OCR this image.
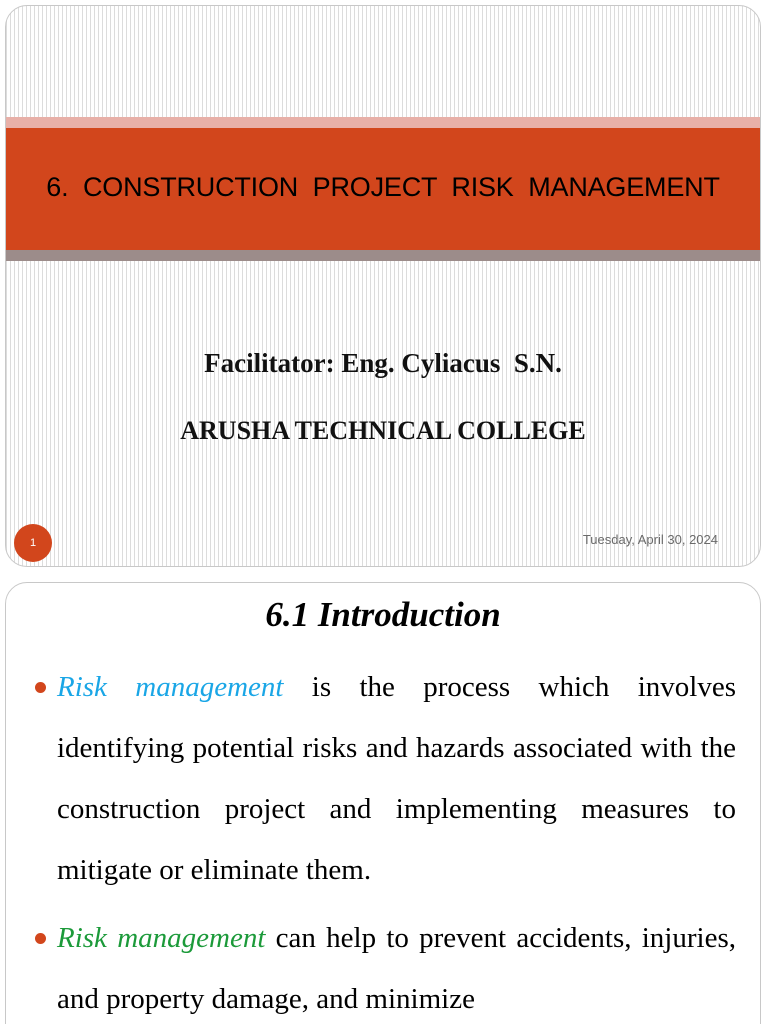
6.  CONSTRUCTION  PROJECT  RISK  MANAGEMENT
Facilitator: Eng. Cyliacus  S.N.
ARUSHA TECHNICAL COLLEGE
1	Tuesday, April 30, 2024
6.1 Introduction
Risk management is the process which involves identifying potential risks and hazards associated with the construction project and implementing measures to mitigate or eliminate them.
Risk management can help to prevent accidents, injuries, and property damage, and minimize
